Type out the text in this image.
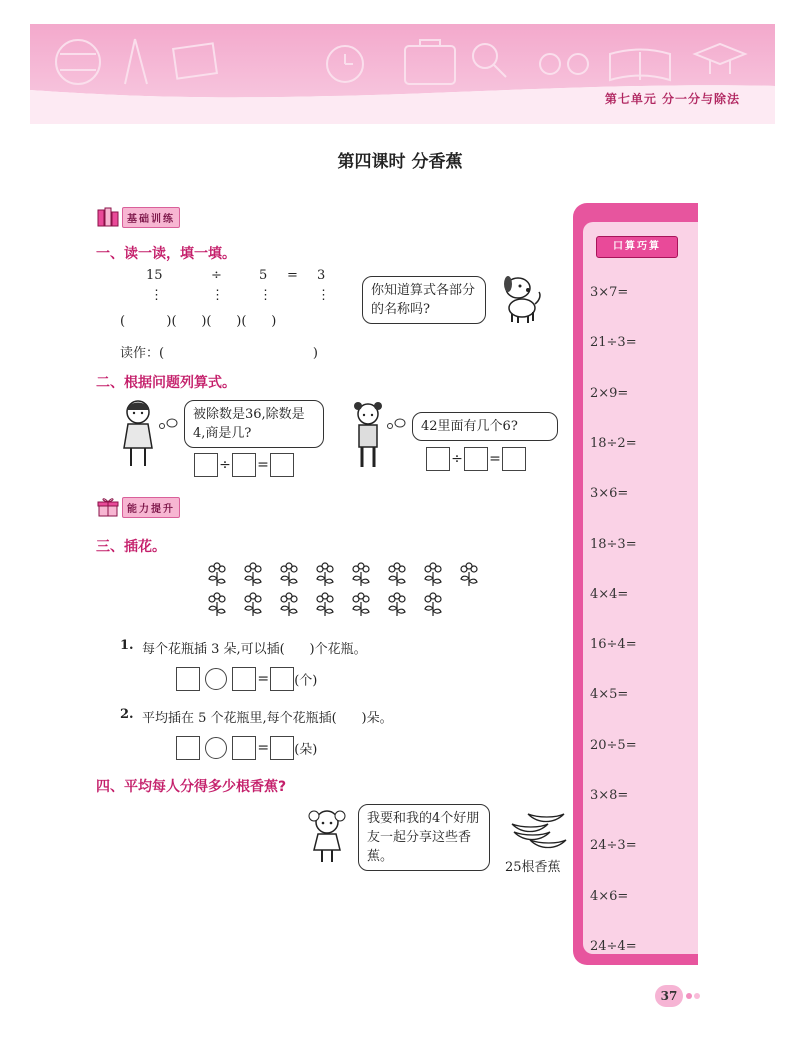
第七单元 分一分与除法
第四课时 分香蕉
基础训练
一、读一读，填一填。
15	÷	5 = 3
⋮	⋮	⋮	⋮
(          )(      )(      )(      )
读作：(                                    )
你知道算式各部分的名称吗?
二、根据问题列算式。
被除数是36,除数是4,商是几?
÷ =
42里面有几个6?
÷ =
能力提升
三、插花。
1. 每个花瓶插 3 朵,可以插(      )个花瓶。
= (个)
2. 平均插在 5 个花瓶里,每个花瓶插(      )朵。
= (朵)
四、平均每人分得多少根香蕉?
我要和我的4个好朋友一起分享这些香蕉。
25根香蕉
口算巧算
3×7=
21÷3=
2×9=
18÷2=
3×6=
18÷3=
4×4=
16÷4=
4×5=
20÷5=
3×8=
24÷3=
4×6=
24÷4=
37
